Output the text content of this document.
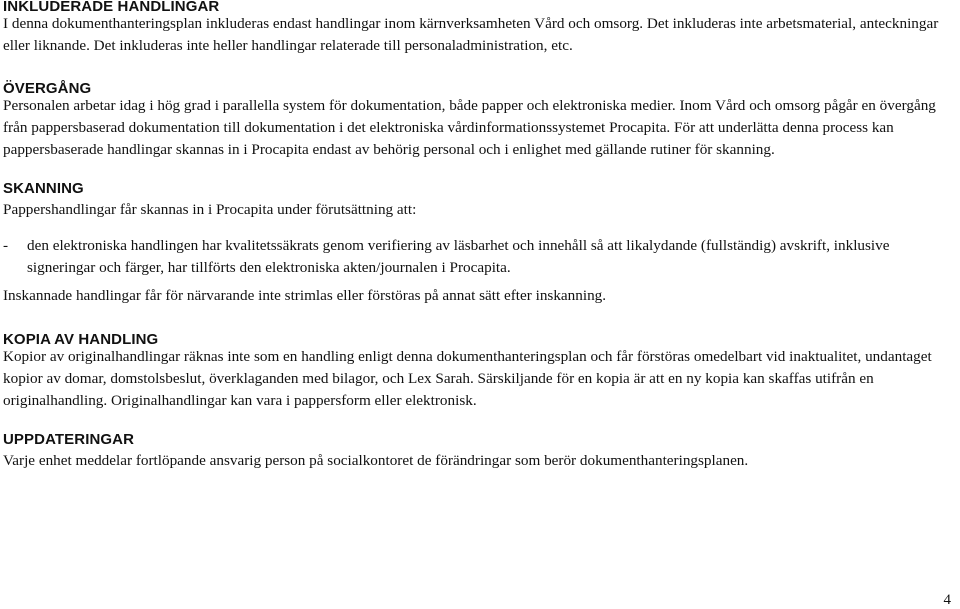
INKLUDERADE HANDLINGAR

I denna dokumenthanteringsplan inkluderas endast handlingar inom kärnverksamheten Vård och omsorg. Det inkluderas inte arbetsmaterial, anteckningar eller liknande. Det inkluderas inte heller handlingar relaterade till personaladministration, etc.

ÖVERGÅNG

Personalen arbetar idag i hög grad i parallella system för dokumentation, både papper och elektroniska medier. Inom Vård och omsorg pågår en övergång från pappersbaserad dokumentation till dokumentation i det elektroniska vårdinformationssystemet Procapita. För att underlätta denna process kan pappersbaserade handlingar skannas in i Procapita endast av behörig personal och i enlighet med gällande rutiner för skanning.

SKANNING

Pappershandlingar får skannas in i Procapita under förutsättning att:

-	den elektroniska handlingen har kvalitetssäkrats genom verifiering av läsbarhet och innehåll så att likalydande (fullständig) avskrift, inklusive signeringar och färger, har tillförts den elektroniska akten/journalen i Procapita.

Inskannade handlingar får för närvarande inte strimlas eller förstöras på annat sätt efter inskanning.

KOPIA AV HANDLING

Kopior av originalhandlingar räknas inte som en handling enligt denna dokumenthanteringsplan och får förstöras omedelbart vid inaktualitet, undantaget kopior av domar, domstolsbeslut, överklaganden med bilagor, och Lex Sarah. Särskiljande för en kopia är att en ny kopia kan skaffas utifrån en originalhandling. Originalhandlingar kan vara i pappersform eller elektronisk.

UPPDATERINGAR

Varje enhet meddelar fortlöpande ansvarig person på socialkontoret de förändringar som berör dokumenthanteringsplanen.

4
